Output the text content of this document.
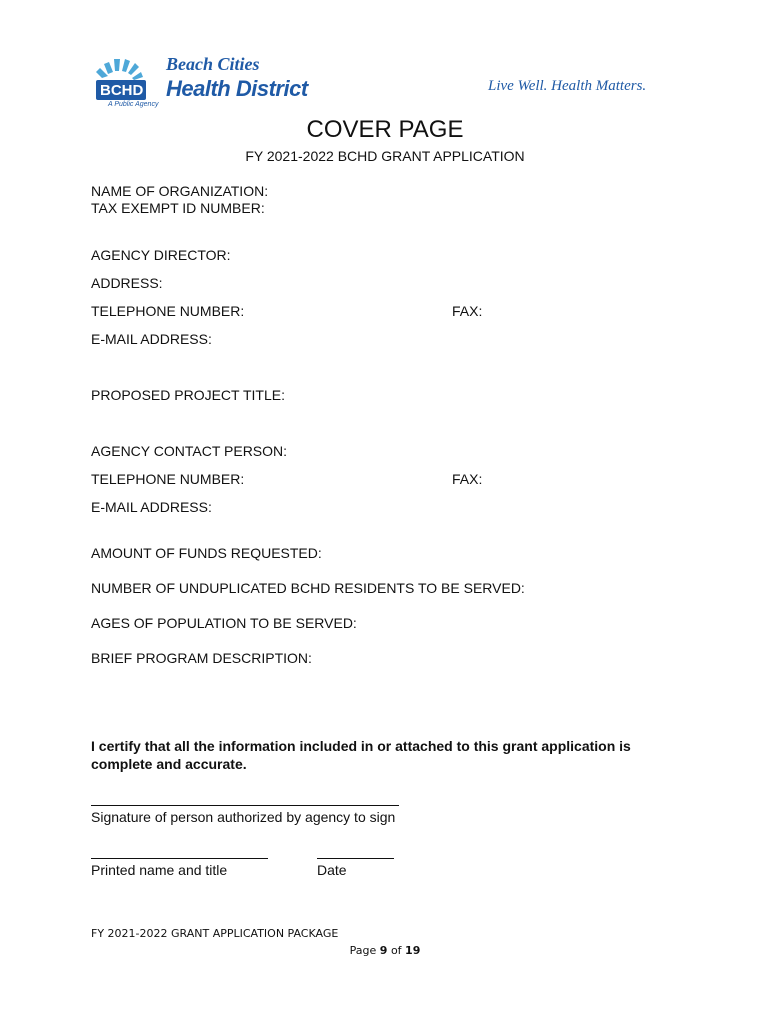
BCHD
Beach Cities
Health District
A Public Agency
Live Well. Health Matters.
COVER PAGE
FY 2021-2022 BCHD GRANT APPLICATION
NAME OF ORGANIZATION:
TAX EXEMPT ID NUMBER:
AGENCY DIRECTOR:
ADDRESS:
TELEPHONE NUMBER:	FAX:
E-MAIL ADDRESS:
PROPOSED PROJECT TITLE:
AGENCY CONTACT PERSON:
TELEPHONE NUMBER:	FAX:
E-MAIL ADDRESS:
AMOUNT OF FUNDS REQUESTED:
NUMBER OF UNDUPLICATED BCHD RESIDENTS TO BE SERVED:
AGES OF POPULATION TO BE SERVED:
BRIEF PROGRAM DESCRIPTION:
I certify that all the information included in or attached to this grant application is
complete and accurate.
Signature of person authorized by agency to sign
Printed name and title	Date
FY 2021-2022 GRANT APPLICATION PACKAGE
Page 9 of 19
